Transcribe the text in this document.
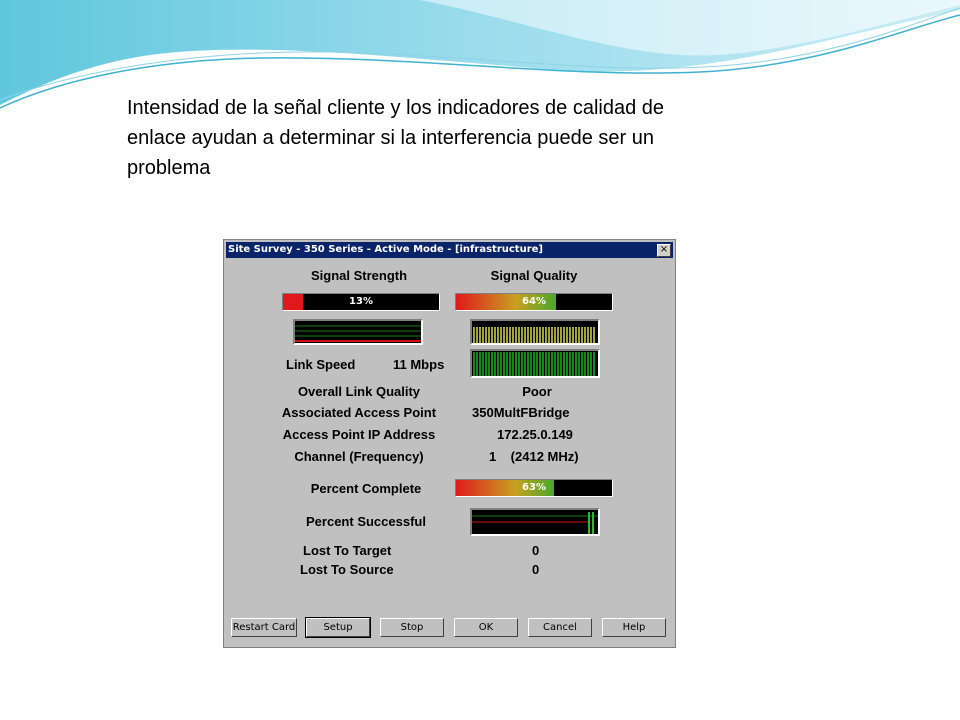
Intensidad de la señal cliente y los indicadores de calidad de
enlace ayudan a determinar si la interferencia puede ser un
problema
Site Survey - 350 Series - Active Mode - [infrastructure]	×
Signal Strength	Signal Quality
13%	64%
Link Speed	11 Mbps
Overall Link Quality	Poor
Associated Access Point	350MultFBridge
Access Point IP Address	172.25.0.149
Channel (Frequency)	1    (2412 MHz)
Percent Complete	63%
Percent Successful
Lost To Target	0
Lost To Source	0
Restart Card	Setup	Stop	OK	Cancel	Help
